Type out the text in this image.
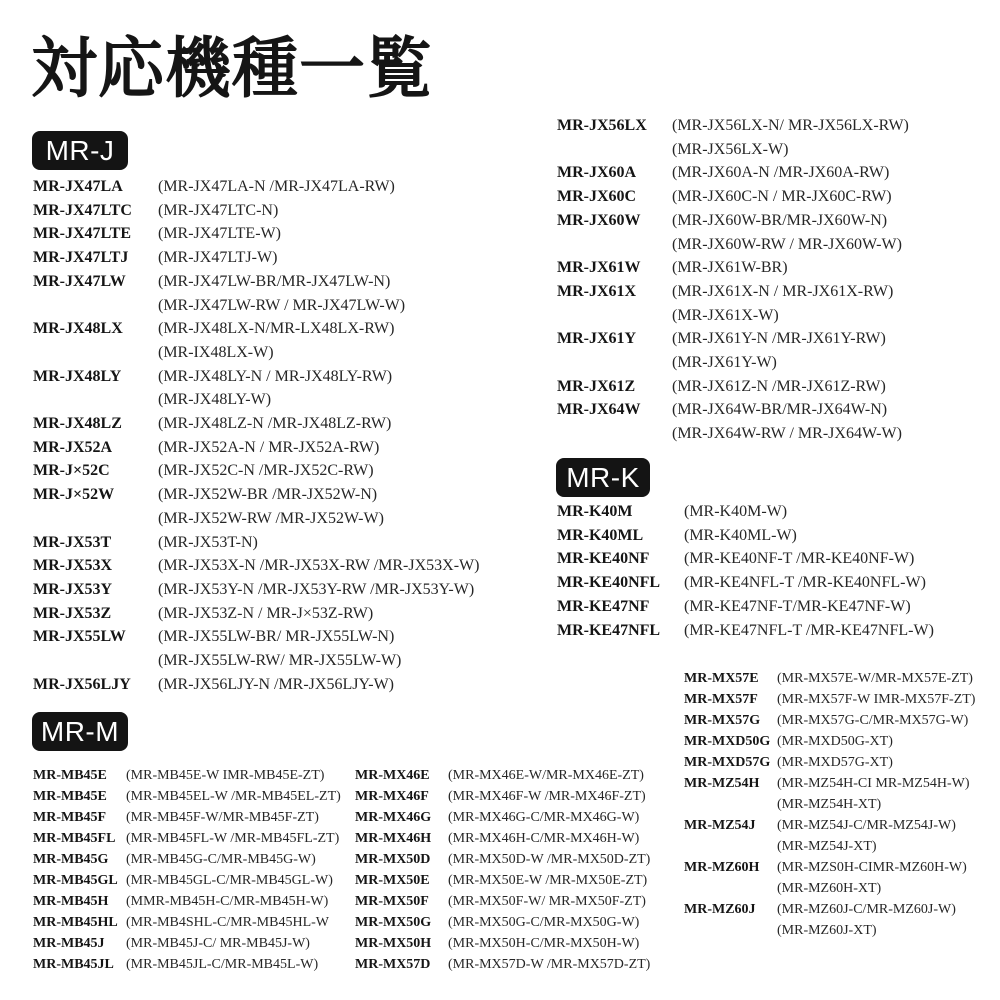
対応機種一覧
MR-J
MR-K
MR-M
MR-JX47LA	(MR-JX47LA-N /MR-JX47LA-RW)
MR-JX47LTC	(MR-JX47LTC-N)
MR-JX47LTE	(MR-JX47LTE-W)
MR-JX47LTJ	(MR-JX47LTJ-W)
MR-JX47LW	(MR-JX47LW-BR/MR-JX47LW-N)
(MR-JX47LW-RW / MR-JX47LW-W)
MR-JX48LX	(MR-JX48LX-N/MR-LX48LX-RW)
(MR-IX48LX-W)
MR-JX48LY	(MR-JX48LY-N / MR-JX48LY-RW)
(MR-JX48LY-W)
MR-JX48LZ	(MR-JX48LZ-N /MR-JX48LZ-RW)
MR-JX52A	(MR-JX52A-N / MR-JX52A-RW)
MR-J×52C	(MR-JX52C-N /MR-JX52C-RW)
MR-J×52W	(MR-JX52W-BR /MR-JX52W-N)
(MR-JX52W-RW /MR-JX52W-W)
MR-JX53T	(MR-JX53T-N)
MR-JX53X	(MR-JX53X-N /MR-JX53X-RW /MR-JX53X-W)
MR-JX53Y	(MR-JX53Y-N /MR-JX53Y-RW /MR-JX53Y-W)
MR-JX53Z	(MR-JX53Z-N / MR-J×53Z-RW)
MR-JX55LW	(MR-JX55LW-BR/ MR-JX55LW-N)
(MR-JX55LW-RW/ MR-JX55LW-W)
MR-JX56LJY	(MR-JX56LJY-N /MR-JX56LJY-W)
MR-JX56LX	(MR-JX56LX-N/ MR-JX56LX-RW)
(MR-JX56LX-W)
MR-JX60A	(MR-JX60A-N /MR-JX60A-RW)
MR-JX60C	(MR-JX60C-N / MR-JX60C-RW)
MR-JX60W	(MR-JX60W-BR/MR-JX60W-N)
(MR-JX60W-RW / MR-JX60W-W)
MR-JX61W	(MR-JX61W-BR)
MR-JX61X	(MR-JX61X-N / MR-JX61X-RW)
(MR-JX61X-W)
MR-JX61Y	(MR-JX61Y-N /MR-JX61Y-RW)
(MR-JX61Y-W)
MR-JX61Z	(MR-JX61Z-N /MR-JX61Z-RW)
MR-JX64W	(MR-JX64W-BR/MR-JX64W-N)
(MR-JX64W-RW / MR-JX64W-W)
MR-K40M	(MR-K40M-W)
MR-K40ML	(MR-K40ML-W)
MR-KE40NF	(MR-KE40NF-T /MR-KE40NF-W)
MR-KE40NFL	(MR-KE4NFL-T /MR-KE40NFL-W)
MR-KE47NF	(MR-KE47NF-T/MR-KE47NF-W)
MR-KE47NFL	(MR-KE47NFL-T /MR-KE47NFL-W)
MR-MB45E	(MR-MB45E-W IMR-MB45E-ZT)
MR-MB45E	(MR-MB45EL-W /MR-MB45EL-ZT)
MR-MB45F	(MR-MB45F-W/MR-MB45F-ZT)
MR-MB45FL (MR-MB45FL-W /MR-MB45FL-ZT)
MR-MB45G	(MR-MB45G-C/MR-MB45G-W)
MR-MB45GL (MR-MB45GL-C/MR-MB45GL-W)
MR-MB45H	(MMR-MB45H-C/MR-MB45H-W)
MR-MB45HL (MR-MB4SHL-C/MR-MB45HL-W
MR-MB45J	(MR-MB45J-C/ MR-MB45J-W)
MR-MB45JL (MR-MB45JL-C/MR-MB45L-W)
MR-MX46E	(MR-MX46E-W/MR-MX46E-ZT)
MR-MX46F	(MR-MX46F-W /MR-MX46F-ZT)
MR-MX46G	(MR-MX46G-C/MR-MX46G-W)
MR-MX46H	(MR-MX46H-C/MR-MX46H-W)
MR-MX50D	(MR-MX50D-W /MR-MX50D-ZT)
MR-MX50E	(MR-MX50E-W /MR-MX50E-ZT)
MR-MX50F	(MR-MX50F-W/ MR-MX50F-ZT)
MR-MX50G	(MR-MX50G-C/MR-MX50G-W)
MR-MX50H	(MR-MX50H-C/MR-MX50H-W)
MR-MX57D	(MR-MX57D-W /MR-MX57D-ZT)
MR-MX57E	(MR-MX57E-W/MR-MX57E-ZT)
MR-MX57F	(MR-MX57F-W IMR-MX57F-ZT)
MR-MX57G	(MR-MX57G-C/MR-MX57G-W)
MR-MXD50G (MR-MXD50G-XT)
MR-MXD57G (MR-MXD57G-XT)
MR-MZ54H	(MR-MZ54H-CI MR-MZ54H-W)
(MR-MZ54H-XT)
MR-MZ54J	(MR-MZ54J-C/MR-MZ54J-W)
(MR-MZ54J-XT)
MR-MZ60H	(MR-MZS0H-CIMR-MZ60H-W)
(MR-MZ60H-XT)
MR-MZ60J	(MR-MZ60J-C/MR-MZ60J-W)
(MR-MZ60J-XT)
